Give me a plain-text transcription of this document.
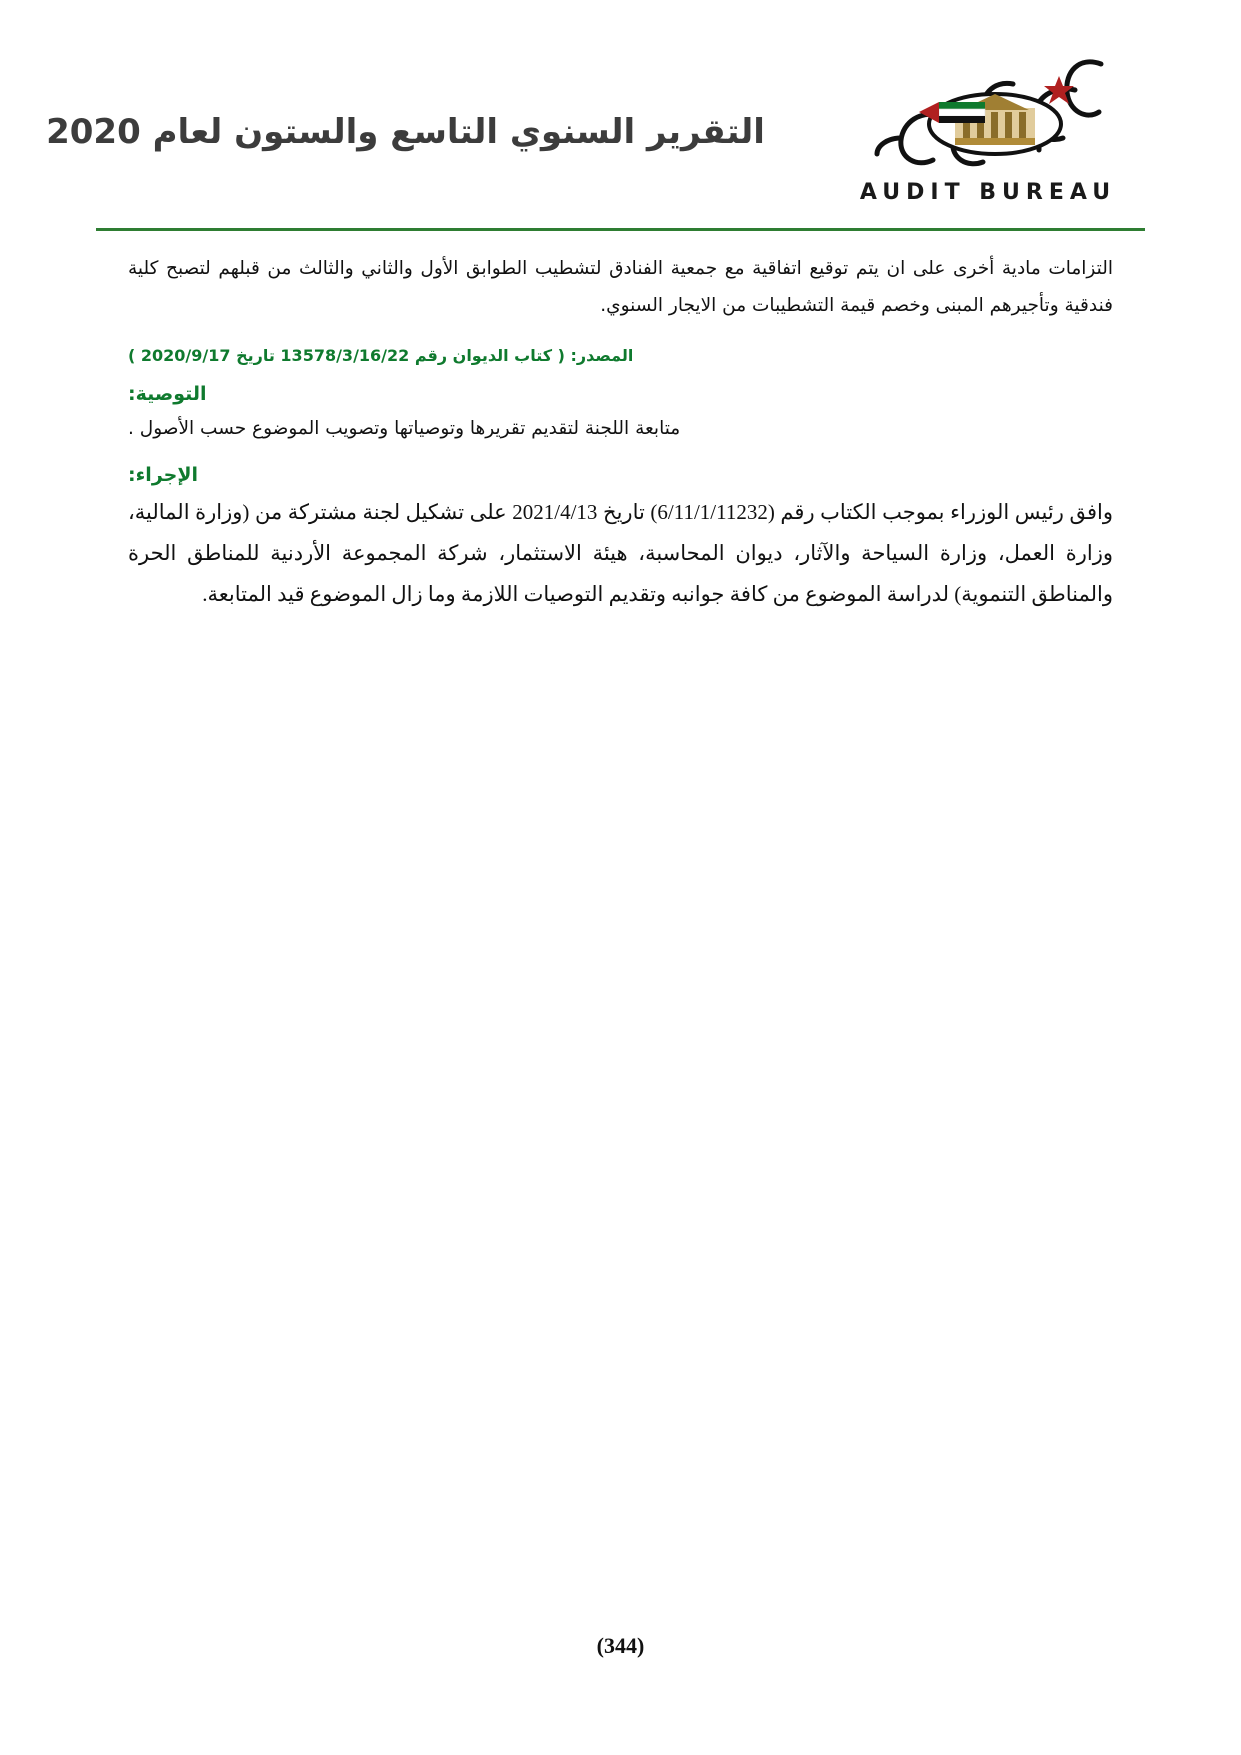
AUDIT BUREAU
التقرير السنوي التاسع والستون لعام 2020

التزامات مادية أخرى على ان يتم توقيع اتفاقية مع جمعية الفنادق لتشطيب الطوابق الأول والثاني والثالث من قبلهم لتصبح كلية فندقية وتأجيرهم المبنى وخصم قيمة التشطيبات من الايجار السنوي.

المصدر: ( كتاب الديوان رقم 13578/3/16/22 تاريخ 2020/9/17 )
التوصية:

متابعة اللجنة لتقديم تقريرها وتوصياتها وتصويب الموضوع حسب الأصول .

الإجراء:

وافق رئيس الوزراء بموجب الكتاب رقم (6/11/1/11232) تاريخ 2021/4/13 على تشكيل لجنة مشتركة من (وزارة المالية، وزارة العمل، وزارة السياحة والآثار، ديوان المحاسبة، هيئة الاستثمار، شركة المجموعة الأردنية للمناطق الحرة والمناطق التنموية) لدراسة الموضوع من كافة جوانبه وتقديم التوصيات اللازمة وما زال الموضوع قيد المتابعة.

(344)
